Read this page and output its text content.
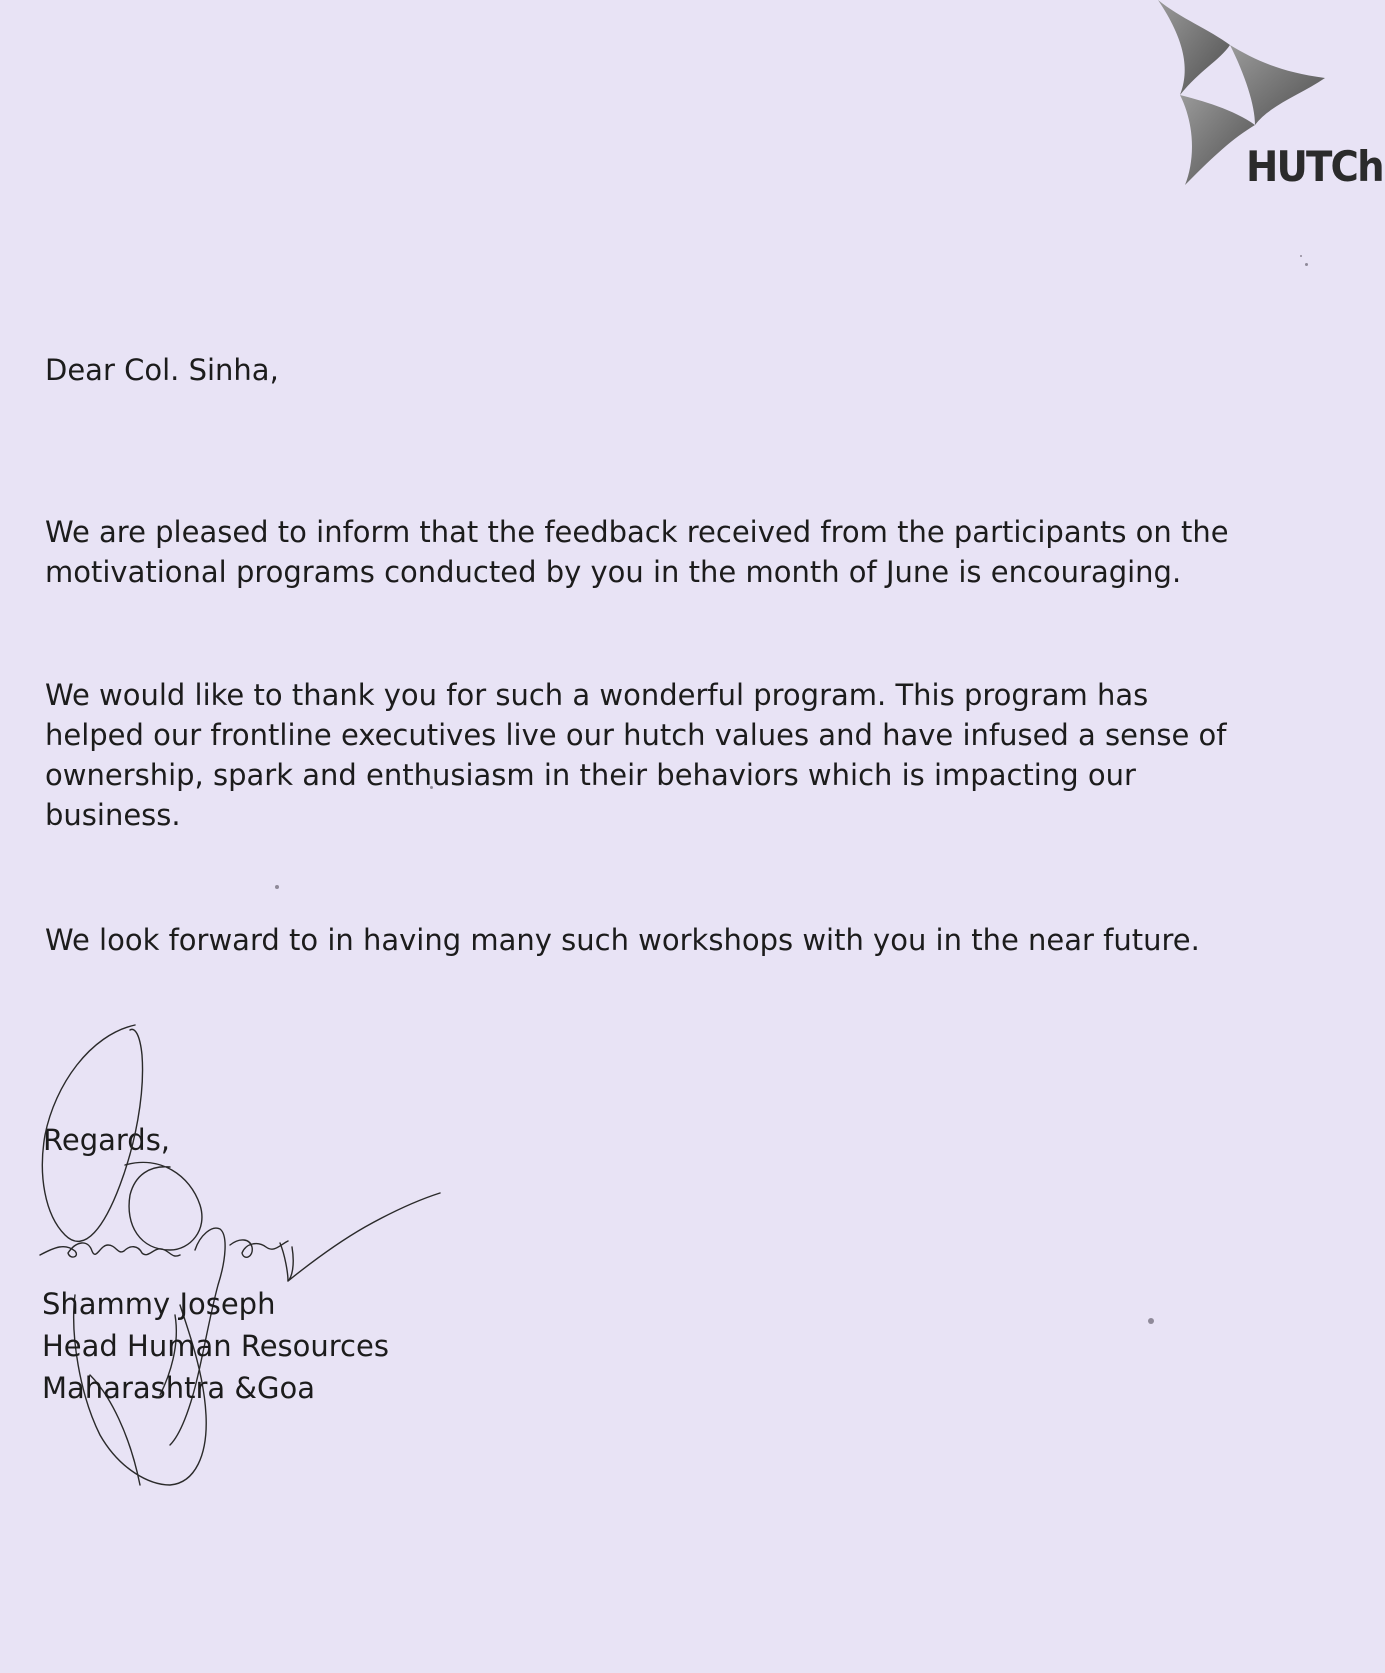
HUTCh
Dear Col. Sinha,
We are pleased to inform that the feedback received from the participants on the
motivational programs conducted by you in the month of June is encouraging.
We would like to thank you for such a wonderful program. This program has
helped our frontline executives live our hutch values and have infused a sense of
ownership, spark and enthusiasm in their behaviors which is impacting our
business.
We look forward to in having many such workshops with you in the near future.
Regards,
Shammy Joseph
Head Human Resources
Maharashtra &Goa
